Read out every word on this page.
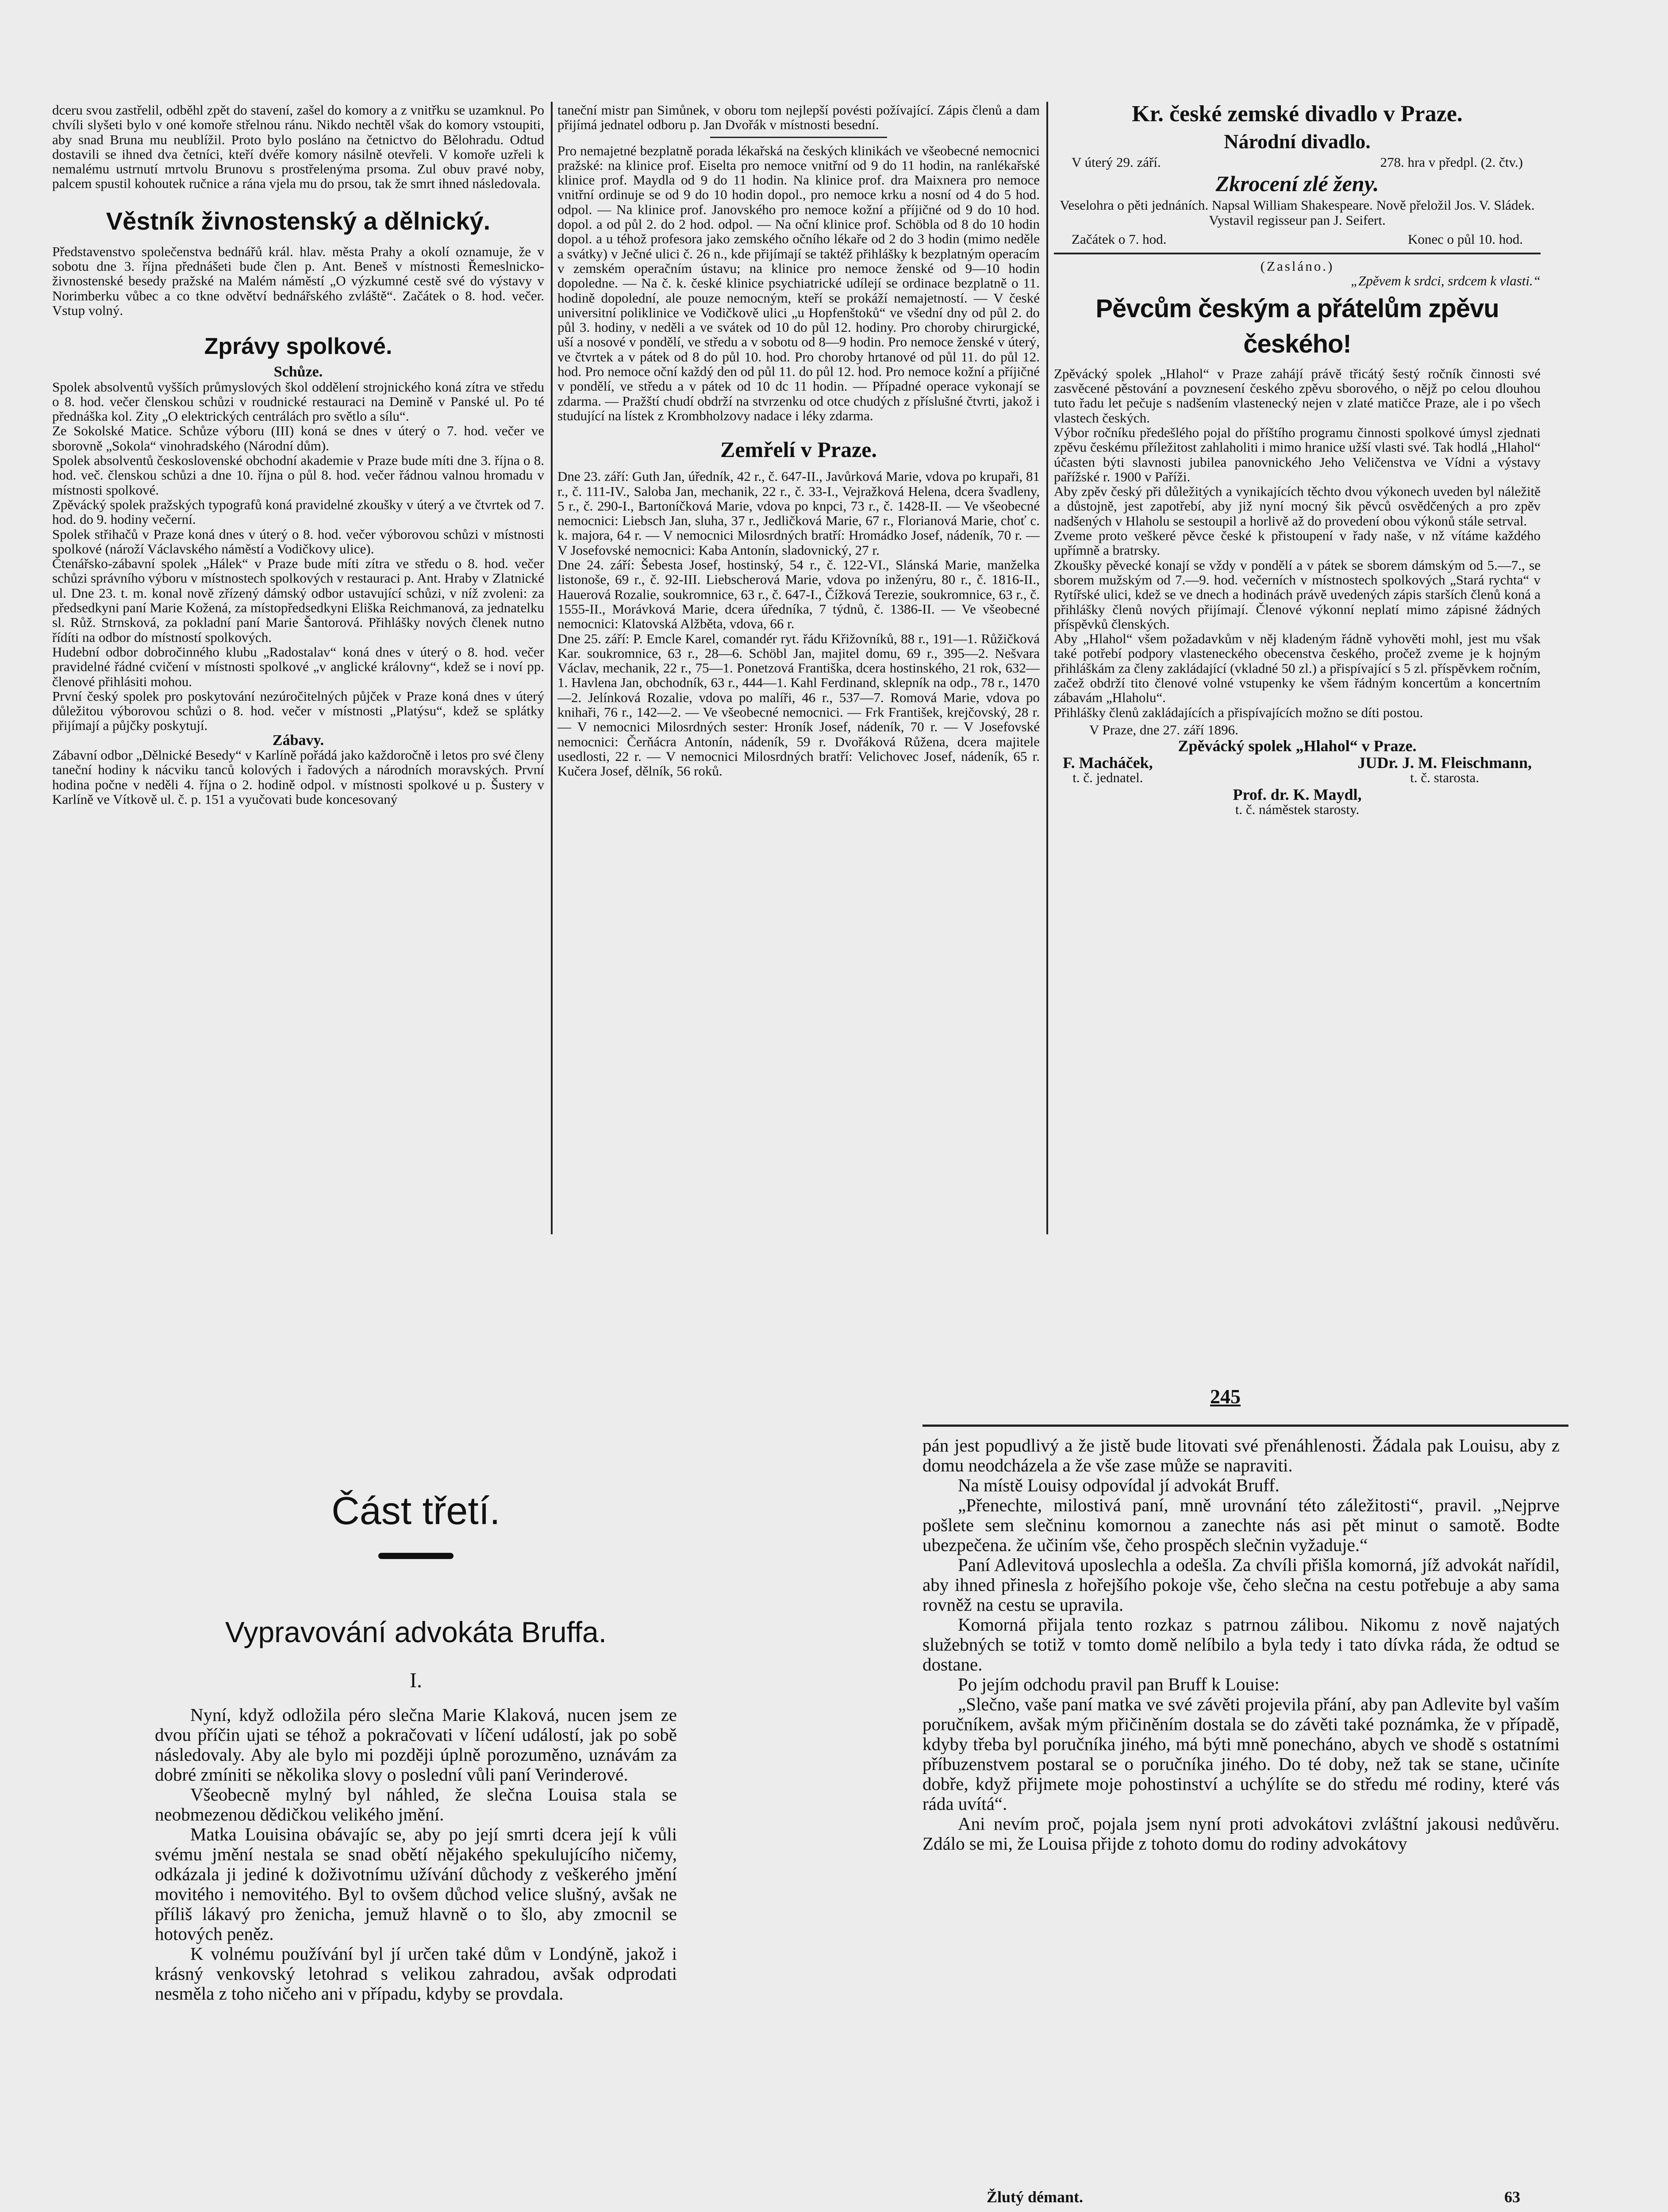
dceru svou zastřelil, odběhl zpět do stavení, zašel do komory a z vnitřku se uzamknul. Po chvíli slyšeti bylo v oné komoře střelnou ránu. Nikdo nechtěl však do komory vstoupiti, aby snad Bruna mu neublížil. Proto bylo posláno na četnictvo do Bělohradu. Odtud dostavili se ihned dva četníci, kteří dvéře komory násilně otevřeli. V komoře uzřeli k nemalému ustrnutí mrtvolu Brunovu s prostřelenýma prsoma. Zul obuv pravé noby, palcem spustil kohoutek ručnice a rána vjela mu do prsou, tak že smrt ihned následovala.

Věstník živnostenský a dělnický.

Představenstvo společenstva bednářů král. hlav. města Prahy a okolí oznamuje, že v sobotu dne 3. října přednášeti bude člen p. Ant. Beneš v místnosti Řemeslnicko-živnostenské besedy pražské na Malém náměstí „O výzkumné cestě své do výstavy v Norimberku vůbec a co tkne odvětví bednářského zvláště“. Začátek o 8. hod. večer. Vstup volný.

Zprávy spolkové.
Schůze.

Spolek absolventů vyšších průmyslových škol oddělení strojnického koná zítra ve středu o 8. hod. večer členskou schůzi v roudnické restauraci na Demině v Panské ul. Po té přednáška kol. Zity „O elektrických centrálách pro světlo a sílu“.

Ze Sokolské Matice. Schůze výboru (III) koná se dnes v úterý o 7. hod. večer ve sborovně „Sokola“ vinohradského (Národní dům).

Spolek absolventů československé obchodní akademie v Praze bude míti dne 3. října o 8. hod. več. členskou schůzi a dne 10. října o půl 8. hod. večer řádnou valnou hromadu v místnosti spolkové.

Zpěvácký spolek pražských typografů koná pravidelné zkoušky v úterý a ve čtvrtek od 7. hod. do 9. hodiny večerní.

Spolek střihačů v Praze koná dnes v úterý o 8. hod. večer výborovou schůzi v místnosti spolkové (nároží Václavského náměstí a Vodičkovy ulice).

Čtenářsko-zábavní spolek „Hálek“ v Praze bude míti zítra ve středu o 8. hod. večer schůzi správního výboru v místnostech spolkových v restauraci p. Ant. Hraby v Zlatnické ul. Dne 23. t. m. konal nově zřízený dámský odbor ustavující schůzi, v níž zvoleni: za předsedkyni paní Marie Kožená, za místopředsedkyni Eliška Reichmanová, za jednatelku sl. Růž. Strnsková, za pokladní paní Marie Šantorová. Přihlášky nových členek nutno řídíti na odbor do místností spolkových.

Hudební odbor dobročinného klubu „Radostalav“ koná dnes v úterý o 8. hod. večer pravidelné řádné cvičení v místnosti spolkové „v anglické královny“, kdež se i noví pp. členové přihlásiti mohou.

První český spolek pro poskytování nezúročitelných půjček v Praze koná dnes v úterý důležitou výborovou schůzi o 8. hod. večer v místnosti „Platýsu“, kdež se splátky přijímají a půjčky poskytují.

Zábavy.

Zábavní odbor „Dělnické Besedy“ v Karlíně pořádá jako každoročně i letos pro své členy taneční hodiny k nácviku tanců kolových i řadových a národních moravských. První hodina počne v neděli 4. října o 2. hodině odpol. v místnosti spolkové u p. Šustery v Karlíně ve Vítkově ul. č. p. 151 a vyučovati bude koncesovaný

taneční mistr pan Simůnek, v oboru tom nejlepší povésti požívající. Zápis členů a dam přijímá jednatel odboru p. Jan Dvořák v místnosti besední.

Pro nemajetné bezplatně porada lékařská na českých klinikách ve všeobecné nemocnici pražské: na klinice prof. Eiselta pro nemoce vnitřní od 9 do 11 hodin, na ranlékařské klinice prof. Maydla od 9 do 11 hodin. Na klinice prof. dra Maixnera pro nemoce vnitřní ordinuje se od 9 do 10 hodin dopol., pro nemoce krku a nosní od 4 do 5 hod. odpol. — Na klinice prof. Janovského pro nemoce kožní a příjičné od 9 do 10 hod. dopol. a od půl 2. do 2 hod. odpol. — Na oční klinice prof. Schöbla od 8 do 10 hodin dopol. a u téhož profesora jako zemského očního lékaře od 2 do 3 hodin (mimo neděle a svátky) v Ječné ulici č. 26 n., kde přijímají se taktéž přihlášky k bezplatným operacím v zemském operačním ústavu; na klinice pro nemoce ženské od 9—10 hodin dopoledne. — Na č. k. české klinice psychiatrické udílejí se ordinace bezplatně o 11. hodině dopolední, ale pouze nemocným, kteří se prokáží nemajetností. — V české universitní poliklinice ve Vodičkově ulici „u Hopfenštoků“ ve všední dny od půl 2. do půl 3. hodiny, v neděli a ve svátek od 10 do půl 12. hodiny. Pro choroby chirurgické, uší a nosové v pondělí, ve středu a v sobotu od 8—9 hodin. Pro nemoce ženské v úterý, ve čtvrtek a v pátek od 8 do půl 10. hod. Pro choroby hrtanové od půl 11. do půl 12. hod. Pro nemoce oční každý den od půl 11. do půl 12. hod. Pro nemoce kožní a příjičné v pondělí, ve středu a v pátek od 10 dc 11 hodin. — Případné operace vykonají se zdarma. — Pražští chudí obdrží na stvrzenku od otce chudých z příslušné čtvrti, jakož i studující na lístek z Krombholzovy nadace i léky zdarma.

Zemřelí v Praze.

Dne 23. září: Guth Jan, úředník, 42 r., č. 647-II., Javůrková Marie, vdova po krupaři, 81 r., č. 111-IV., Saloba Jan, mechanik, 22 r., č. 33-I., Vejražková Helena, dcera švadleny, 5 r., č. 290-I., Bartoníčková Marie, vdova po knpci, 73 r., č. 1428-II. — Ve všeobecné nemocnici: Liebsch Jan, sluha, 37 r., Jedličková Marie, 67 r., Florianová Marie, choť c. k. majora, 64 r. — V nemocnici Milosrdných bratří: Hromádko Josef, nádeník, 70 r. — V Josefovské nemocnici: Kaba Antonín, sladovnický, 27 r.

Dne 24. září: Šebesta Josef, hostinský, 54 r., č. 122-VI., Slánská Marie, manželka listonoše, 69 r., č. 92-III. Liebscherová Marie, vdova po inženýru, 80 r., č. 1816-II., Hauerová Rozalie, soukromnice, 63 r., č. 647-I., Čížková Terezie, soukromnice, 63 r., č. 1555-II., Morávková Marie, dcera úředníka, 7 týdnů, č. 1386-II. — Ve všeobecné nemocnici: Klatovská Alžběta, vdova, 66 r.

Dne 25. září: P. Emcle Karel, comandér ryt. řádu Křižovníků, 88 r., 191—1. Růžičková Kar. soukromnice, 63 r., 28—6. Schöbl Jan, majitel domu, 69 r., 395—2. Nešvara Václav, mechanik, 22 r., 75—1. Ponetzová Františka, dcera hostinského, 21 rok, 632—1. Havlena Jan, obchodník, 63 r., 444—1. Kahl Ferdinand, sklepník na odp., 78 r., 1470—2. Jelínková Rozalie, vdova po malíři, 46 r., 537—7. Romová Marie, vdova po knihaři, 76 r., 142—2. — Ve všeobecné nemocnici. — Frk František, krejčovský, 28 r. — V nemocnici Milosrdných sester: Hroník Josef, nádeník, 70 r. — V Josefovské nemocnici: Čerňácra Antonín, nádeník, 59 r. Dvořáková Růžena, dcera majitele usedlosti, 22 r. — V nemocnici Milosrdných bratří: Velichovec Josef, nádeník, 65 r. Kučera Josef, dělník, 56 roků.

Kr. české zemské divadlo v Praze.
Národní divadlo.
V úterý 29. září.	278. hra v předpl. (2. čtv.)
Zkrocení zlé ženy.

Veselohra o pěti jednáních. Napsal William Shakespeare. Nově přeložil Jos. V. Sládek. Vystavil regisseur pan J. Seifert.

Začátek o 7. hod.	Konec o půl 10. hod.
(Zasláno.)
„Zpěvem k srdci, srdcem k vlasti.“
Pěvcům českým a přátelům zpěvu českého!

Zpěvácký spolek „Hlahol“ v Praze zahájí právě třicátý šestý ročník činnosti své zasvěcené pěstování a povznesení českého zpěvu sborového, o nějž po celou dlouhou tuto řadu let pečuje s nadšením vlastenecký nejen v zlaté matičce Praze, ale i po všech vlastech českých.

Výbor ročníku předešlého pojal do příštího programu činnosti spolkové úmysl zjednati zpěvu českému příležitost zahlaholiti i mimo hranice užší vlasti své. Tak hodlá „Hlahol“ účasten býti slavnosti jubilea panovnického Jeho Veličenstva ve Vídni a výstavy pařížské r. 1900 v Paříži.

Aby zpěv český při důležitých a vynikajících těchto dvou výkonech uveden byl náležitě a důstojně, jest zapotřebí, aby již nyní mocný šik pěvců osvědčených a pro zpěv nadšených v Hlaholu se sestoupil a horlivě až do provedení obou výkonů stále setrval.

Zveme proto veškeré pěvce české k přistoupení v řady naše, v nž vítáme každého upřímně a bratrsky.

Zkoušky pěvecké konají se vždy v pondělí a v pátek se sborem dámským od 5.—7., se sborem mužským od 7.—9. hod. večerních v místnostech spolkových „Stará rychta“ v Rytířské ulici, kdež se ve dnech a hodinách právě uvedených zápis starších členů koná a přihlášky členů nových přijímají. Členové výkonní neplatí mimo zápisné žádných příspěvků členských.

Aby „Hlahol“ všem požadavkům v něj kladeným řádně vyhověti mohl, jest mu však také potřebí podpory vlasteneckého obecenstva českého, pročež zveme je k hojným přihláškám za členy zakládající (vkladné 50 zl.) a přispívající s 5 zl. příspěvkem ročním, začež obdrží tito členové volné vstupenky ke všem řádným koncertům a koncertním zábavám „Hlaholu“.

Přihlášky členů zakládajících a přispívajících možno se díti postou.

V Praze, dne 27. září 1896.

Zpěvácký spolek „Hlahol“ v Praze.
F. Macháček,
t. č. jednatel.
JUDr. J. M. Fleischmann,
t. č. starosta.
Prof. dr. K. Maydl,
t. č. náměstek starosty.
245
Část třetí.
Vypravování advokáta Bruffa.
I.

Nyní, když odložila péro slečna Marie Klaková, nucen jsem ze dvou příčin ujati se téhož a pokračovati v líčení událostí, jak po sobě následovaly. Aby ale bylo mi později úplně porozuměno, uznávám za dobré zmíniti se několika slovy o poslední vůli paní Verinderové.

Všeobecně mylný byl náhled, že slečna Louisa stala se neobmezenou dědičkou velikého jmění.

Matka Louisina obávajíc se, aby po její smrti dcera její k vůli svému jmění nestala se snad obětí nějakého spekulujícího ničemy, odkázala ji jediné k doživotnímu užívání důchody z veškerého jmění movitého i nemovitého. Byl to ovšem důchod velice slušný, avšak ne příliš lákavý pro ženicha, jemuž hlavně o to šlo, aby zmocnil se hotových peněz.

K volnému používání byl jí určen také dům v Londýně, jakož i krásný venkovský letohrad s velikou zahradou, avšak odprodati nesměla z toho ničeho ani v případu, kdyby se provdala.

pán jest popudlivý a že jistě bude litovati své přenáhlenosti. Žádala pak Louisu, aby z domu neodcházela a že vše zase může se napraviti.

Na místě Louisy odpovídal jí advokát Bruff.

„Přenechte, milostivá paní, mně urovnání této záležitosti“, pravil. „Nejprve pošlete sem slečninu komornou a zanechte nás asi pět minut o samotě. Bodte ubezpečena. že učiním vše, čeho prospěch slečnin vyžaduje.“

Paní Adlevitová uposlechla a odešla. Za chvíli přišla komorná, jíž advokát nařídil, aby ihned přinesla z hořejšího pokoje vše, čeho slečna na cestu potřebuje a aby sama rovněž na cestu se upravila.

Komorná přijala tento rozkaz s patrnou zálibou. Nikomu z nově najatých služebných se totiž v tomto domě nelíbilo a byla tedy i tato dívka ráda, že odtud se dostane.

Po jejím odchodu pravil pan Bruff k Louise:

„Slečno, vaše paní matka ve své závěti projevila přání, aby pan Adlevite byl vaším poručníkem, avšak mým přičiněním dostala se do závěti také poznámka, že v případě, kdyby třeba byl poručníka jiného, má býti mně ponecháno, abych ve shodě s ostatními příbuzenstvem postaral se o poručníka jiného. Do té doby, než tak se stane, učiníte dobře, když přijmete moje pohostinství a uchýlíte se do středu mé rodiny, které vás ráda uvítá“.

Ani nevím proč, pojala jsem nyní proti advokátovi zvláštní jakousi nedůvěru. Zdálo se mi, že Louisa přijde z tohoto domu do rodiny advokátovy

Žlutý démant.	63
